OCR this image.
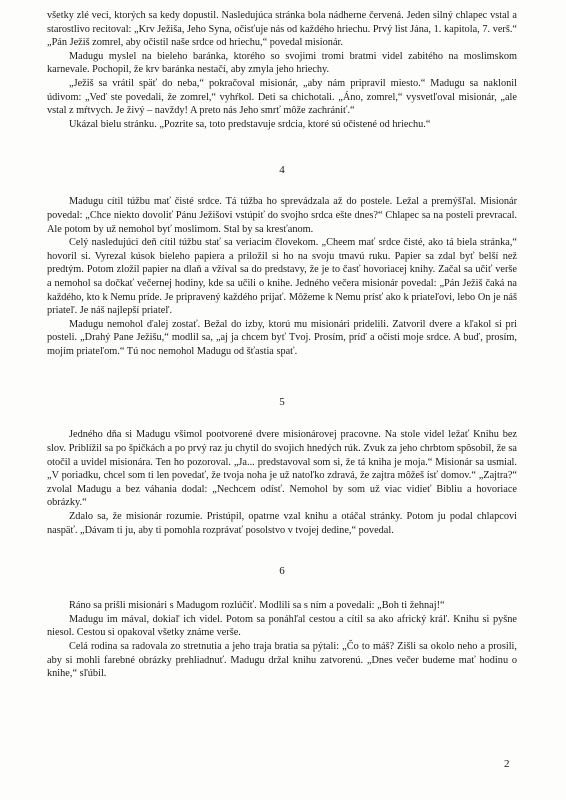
všetky zlé veci, ktorých sa kedy dopustil. Nasledujúca stránka bola nádherne červená. Jeden silný chlapec vstal a starostlivo recitoval: „Krv Ježiša, Jeho Syna, očisťuje nás od každého hriechu. Prvý list Jána, 1. kapitola, 7. verš.“ „Pán Ježiš zomrel, aby očistil naše srdce od hriechu,“ povedal misionár.

Madugu myslel na bieleho baránka, ktorého so svojimi tromi bratmi videl zabitého na moslimskom karnevale. Pochopil, že krv baránka nestačí, aby zmyla jeho hriechy.

„Ježiš sa vrátil späť do neba,“ pokračoval misionár, „aby nám pripravil miesto.“ Madugu sa naklonil údivom: „Veď ste povedali, že zomrel,“ vyhŕkol. Deti sa chichotali. „Áno, zomrel,“ vysvetľoval misionár, „ale vstal z mŕtvych. Je živý – navždy! A preto nás Jeho smrť môže zachrániť.“

Ukázal bielu stránku. „Pozrite sa, toto predstavuje srdcia, ktoré sú očistené od hriechu.“

4

Madugu cítil túžbu mať čisté srdce. Tá túžba ho sprevádzala až do postele. Ležal a premýšľal. Misionár povedal: „Chce niekto dovoliť Pánu Ježišovi vstúpiť do svojho srdca ešte dnes?“ Chlapec sa na posteli prevracal. Ale potom by už nemohol byť moslimom. Stal by sa kresťanom.

Celý nasledujúci deň cítil túžbu stať sa veriacim človekom. „Cheem mať srdce čisté, ako tá biela stránka,“ hovoril si. Vyrezal kúsok bieleho papiera a priložil si ho na svoju tmavú ruku. Papier sa zdal byť belší než predtým. Potom zložil papier na dlaň a vžíval sa do predstavy, že je to časť hovoriacej knihy. Začal sa učiť verše a nemohol sa dočkať večernej hodiny, kde sa učili o knihe. Jedného večera misionár povedal: „Pán Ježiš čaká na každého, kto k Nemu príde. Je pripravený každého prijať. Môžeme k Nemu prísť ako k priateľovi, lebo On je náš priateľ. Je náš najlepší priateľ.

Madugu nemohol ďalej zostať. Bežal do izby, ktorú mu misionári pridelili. Zatvoril dvere a kľakol si pri posteli. „Drahý Pane Ježišu,“ modlil sa, „aj ja chcem byť Tvoj. Prosím, príď a očisti moje srdce. A buď, prosím, mojím priateľom.“ Tú noc nemohol Madugu od šťastia spať.

5

Jedného dňa si Madugu všimol pootvorené dvere misionárovej pracovne. Na stole videl ležať Knihu bez slov. Priblížil sa po špičkách a po prvý raz ju chytil do svojich hnedých rúk. Zvuk za jeho chrbtom spôsobil, že sa otočil a uvidel misionára. Ten ho pozoroval. „Ja... predstavoval som si, že tá kniha je moja.“ Misionár sa usmial. „V poriadku, chcel som ti len povedať, že tvoja noha je už natoľko zdravá, že zajtra môžeš ísť domov.“ „Zajtra?“ zvolal Madugu a bez váhania dodal: „Nechcem odísť. Nemohol by som už viac vidieť Bibliu a hovoriace obrázky.“

Zdalo sa, že misionár rozumie. Pristúpil, opatrne vzal knihu a otáčal stránky. Potom ju podal chlapcovi naspäť. „Dávam ti ju, aby ti pomohla rozprávať posolstvo v tvojej dedine,“ povedal.

6

Ráno sa prišli misionári s Madugom rozlúčiť. Modlili sa s ním a povedali: „Boh ti žehnaj!“

Madugu im mával, dokiaľ ich videl. Potom sa ponáhľal cestou a cítil sa ako africký kráľ. Knihu si pyšne niesol. Cestou si opakoval všetky známe verše.

Celá rodina sa radovala zo stretnutia a jeho traja bratia sa pýtali: „Čo to máš? Zišli sa okolo neho a prosili, aby si mohli farebné obrázky prehliadnuť. Madugu držal knihu zatvorenú. „Dnes večer budeme mať hodinu o knihe,“ sľúbil.

2
